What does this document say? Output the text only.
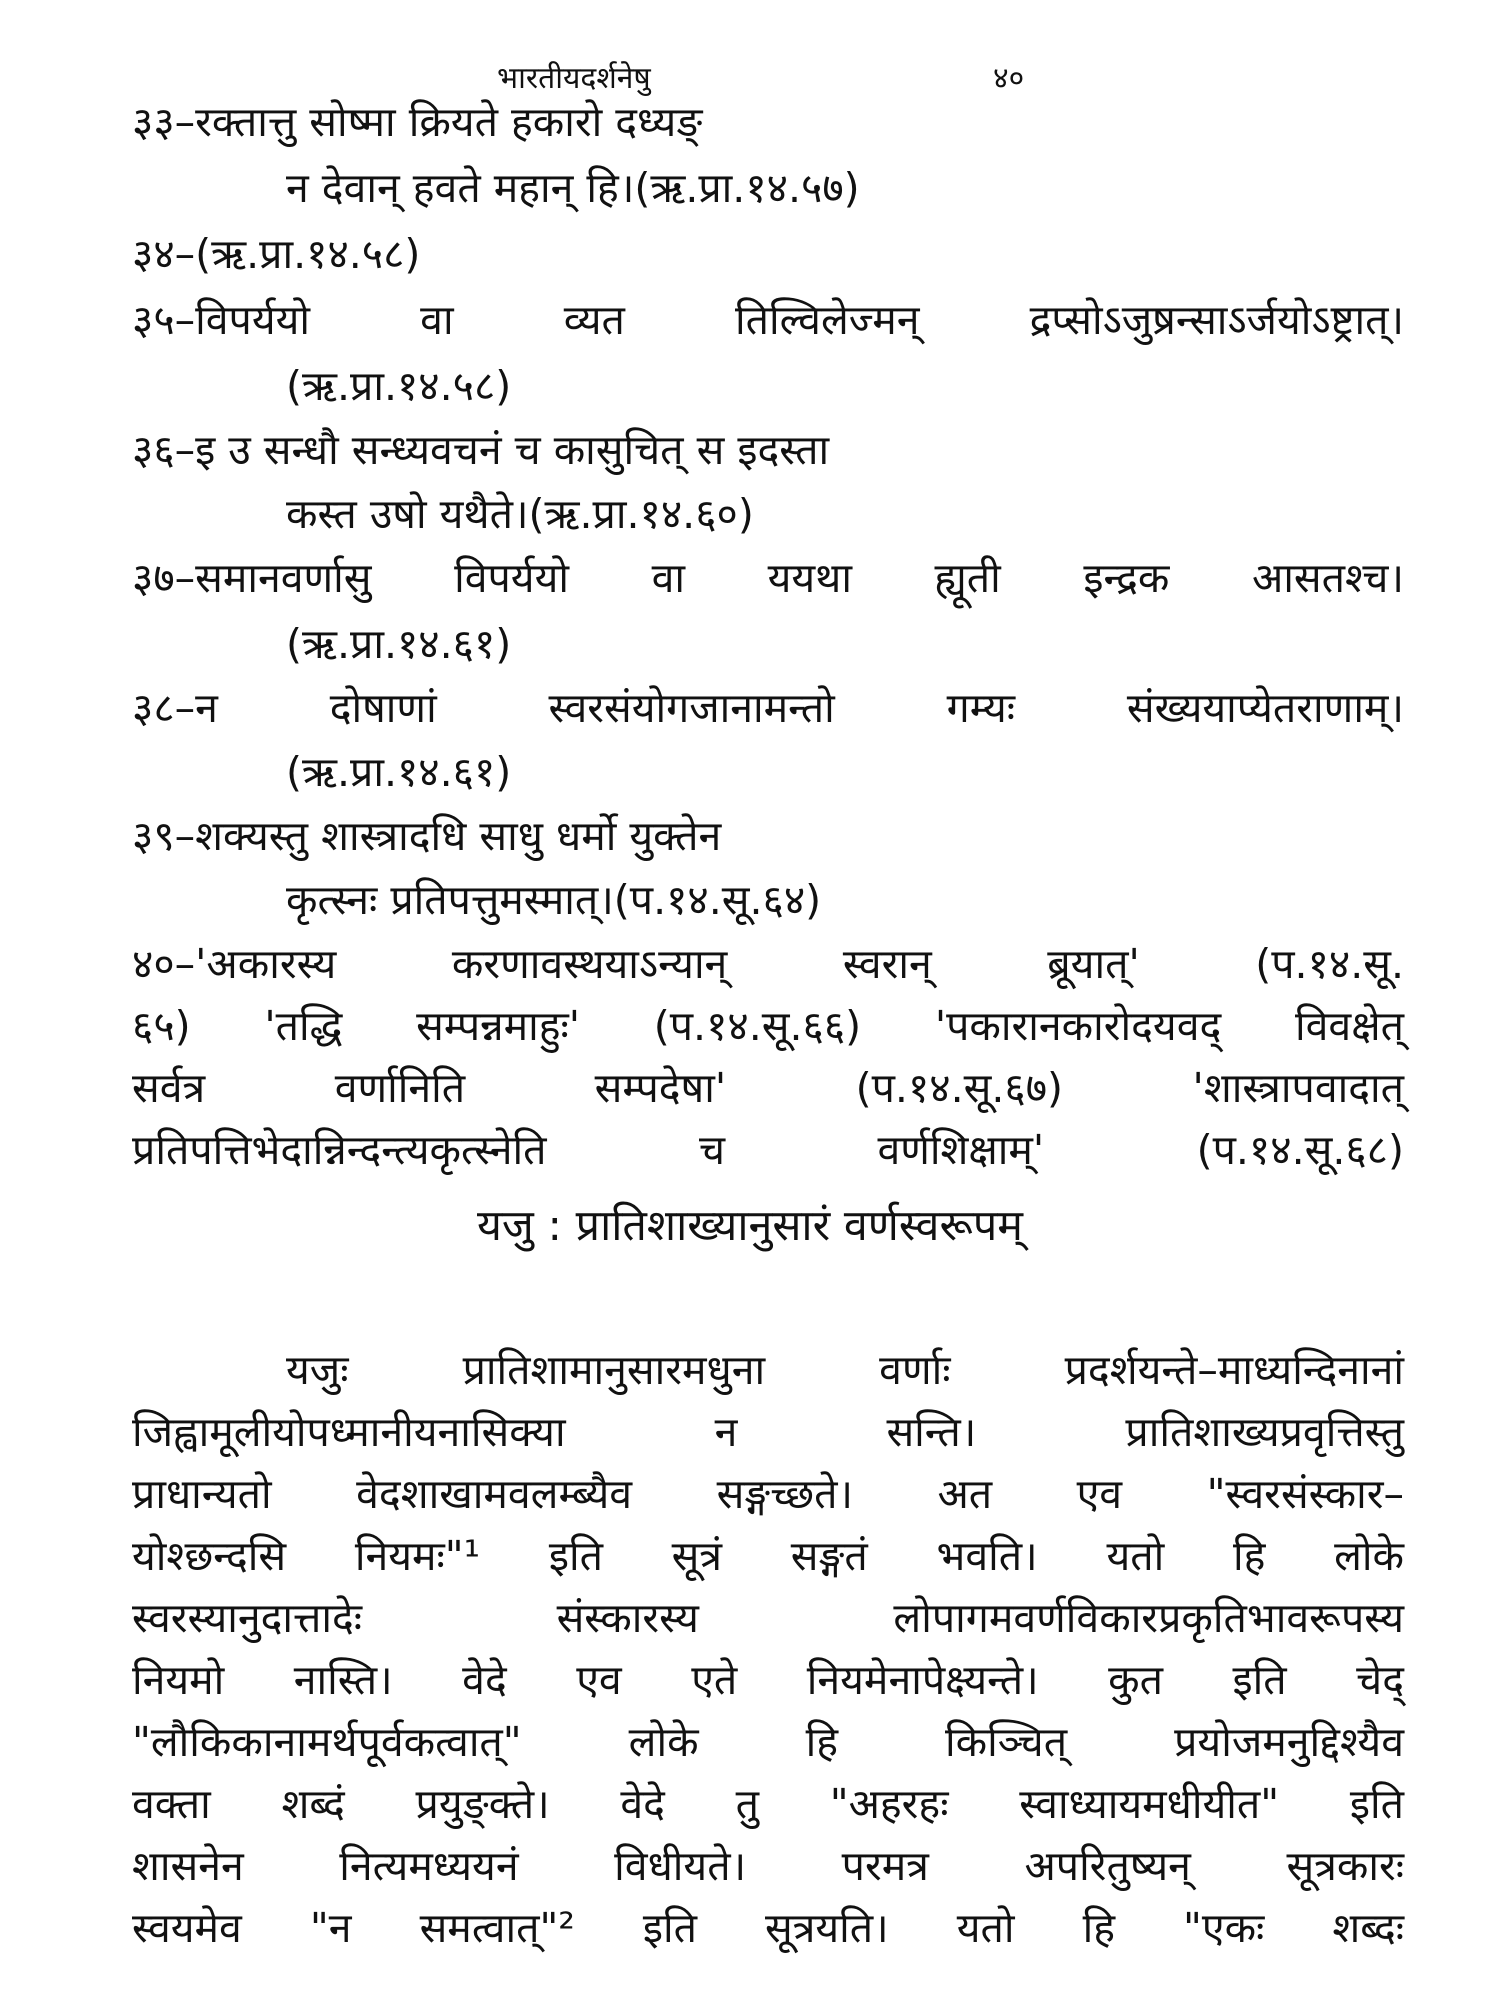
भारतीयदर्शनेषु	४०
३३–रक्तात्तु सोष्मा क्रियते हकारो दध्यङ्
न देवान् हवते महान् हि।(ऋ.प्रा.१४.५७)
३४–(ऋ.प्रा.१४.५८)
३५–विपर्ययो वा व्यत तिल्विलेज्मन् द्रप्सोऽजुष्रन्साऽर्जयोऽष्ट्रात्।
(ऋ.प्रा.१४.५८)
३६–इ उ सन्धौ सन्ध्यवचनं च कासुचित् स इदस्ता
कस्त उषो यथैते।(ऋ.प्रा.१४.६०)
३७–समानवर्णासु विपर्ययो वा ययथा ह्यूती इन्द्रक आसतश्च।
(ऋ.प्रा.१४.६१)
३८–न दोषाणां स्वरसंयोगजानामन्तो गम्यः संख्ययाप्येतराणाम्।
(ऋ.प्रा.१४.६१)
३९–शक्यस्तु शास्त्रादधि साधु धर्मो युक्तेन
कृत्स्नः प्रतिपत्तुमस्मात्।(प.१४.सू.६४)
४०–'अकारस्य करणावस्थयाऽन्यान् स्वरान् ब्रूयात्' (प.१४.सू.
६५) 'तद्धि सम्पन्नमाहुः' (प.१४.सू.६६) 'पकारानकारोदयवद् विवक्षेत्
सर्वत्र वर्णानिति सम्पदेषा' (प.१४.सू.६७) 'शास्त्रापवादात्
प्रतिपत्तिभेदान्निन्दन्त्यकृत्स्नेति च वर्णशिक्षाम्' (प.१४.सू.६८)
यजु : प्रातिशाख्यानुसारं वर्णस्वरूपम्
यजुः प्रातिशामानुसारमधुना वर्णाः प्रदर्शयन्ते–माध्यन्दिनानां
जिह्वामूलीयोपध्मानीयनासिक्या न सन्ति। प्रातिशाख्यप्रवृत्तिस्तु
प्राधान्यतो वेदशाखामवलम्ब्यैव सङ्गच्छते। अत एव "स्वरसंस्कार–
योश्छन्दसि नियमः"¹ इति सूत्रं सङ्गतं भवति। यतो हि लोके
स्वरस्यानुदात्तादेः संस्कारस्य लोपागमवर्णविकारप्रकृतिभावरूपस्य
नियमो नास्ति। वेदे एव एते नियमेनापेक्ष्यन्ते। कुत इति चेद्
"लौकिकानामर्थपूर्वकत्वात्" लोके हि किञ्चित् प्रयोजमनुद्दिश्यैव
वक्ता शब्दं प्रयुङ्क्ते। वेदे तु "अहरहः स्वाध्यायमधीयीत" इति
शासनेन नित्यमध्ययनं विधीयते। परमत्र अपरितुष्यन् सूत्रकारः
स्वयमेव "न समत्वात्"² इति सूत्रयति। यतो हि "एकः शब्दः
